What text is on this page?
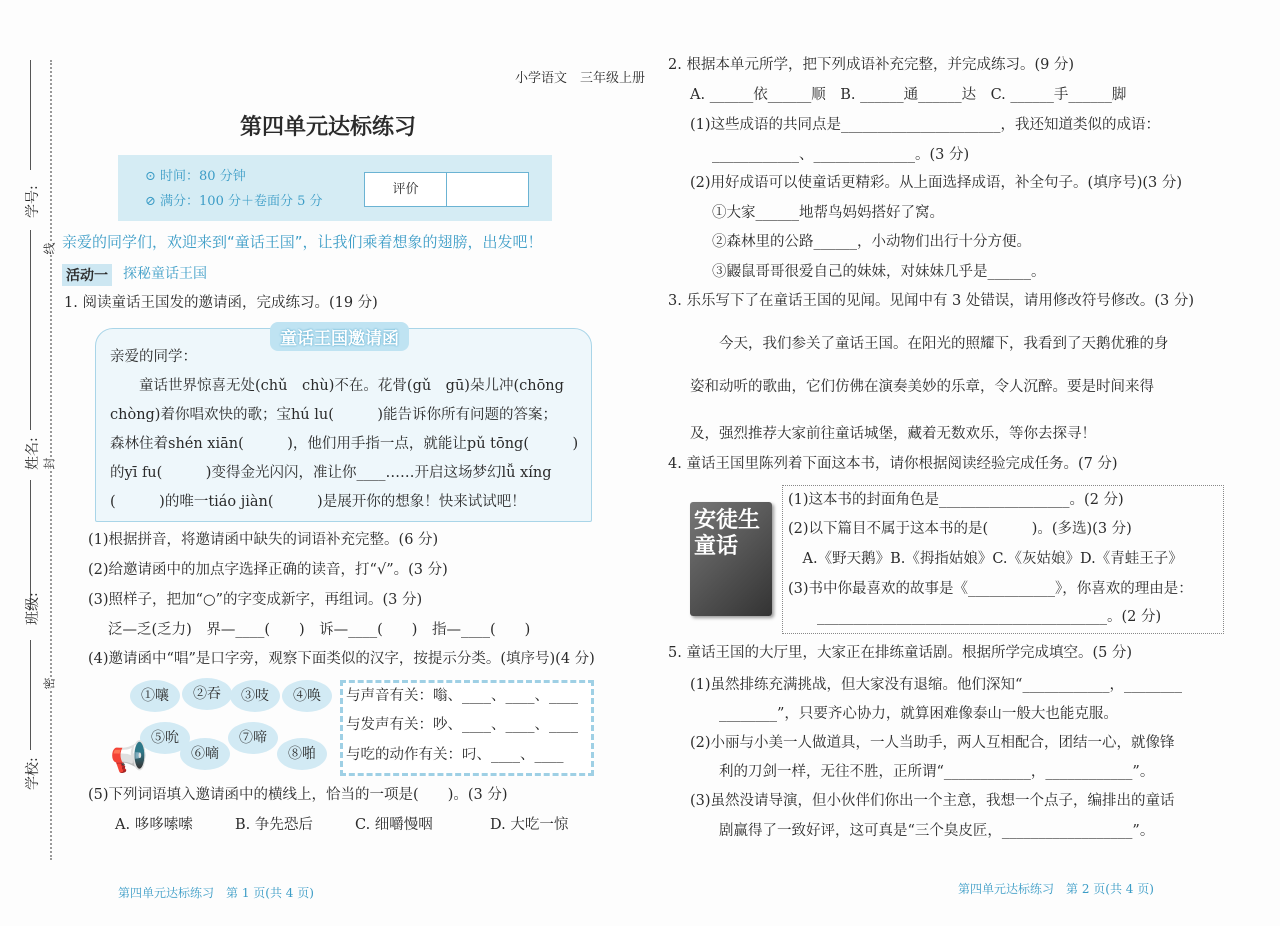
学号:
姓名:
班级:
学校:
线
封
密
小学语文　三年级上册
第四单元达标练习
⊙ 时间：80 分钟
⊘ 满分：100 分＋卷面分 5 分
评价
亲爱的同学们，欢迎来到“童话王国”，让我们乘着想象的翅膀，出发吧！
活动一 探秘童话王国
1. 阅读童话王国发的邀请函，完成练习。(19 分)
童话王国邀请函
亲爱的同学：
　　童话世界惊喜无处(chǔ　chù)不在。花骨(gǔ　gū)朵儿冲(chōng
chòng)着你唱欢快的歌；宝hú lu(　　　)能告诉你所有问题的答案；
森林住着shén xiān(　　　)，他们用手指一点，就能让pǔ tōng(　　　)
的yī fu(　　　)变得金光闪闪，准让你____……开启这场梦幻lǚ xíng
(　　　)的唯一tiáo jiàn(　　　)是展开你的想象！快来试试吧！
(1)根据拼音，将邀请函中缺失的词语补充完整。(6 分)
(2)给邀请函中的加点字选择正确的读音，打“√”。(3 分)
(3)照样子，把加“○”的字变成新字，再组词。(3 分)
泛—乏(乏力)　界—____(　　)　诉—____(　　)　指—____(　　)
(4)邀请函中“唱”是口字旁，观察下面类似的汉字，按提示分类。(填序号)(4 分)
①嚷	②吞	③吱	④唤
⑤吮
⑥嘀
⑦啼
⑧啪
📢
与声音有关：嗡、____、____、____
与发声有关：吵、____、____、____
与吃的动作有关：叼、____、____
(5)下列词语填入邀请函中的横线上，恰当的一项是(　　)。(3 分)
A. 哆哆嗦嗦	B. 争先恐后	C. 细嚼慢咽	D. 大吃一惊
第四单元达标练习　第 1 页(共 4 页)
2. 根据本单元所学，把下列成语补充完整，并完成练习。(9 分)
A. ______依______顺　B. ______通______达　C. ______手______脚
(1)这些成语的共同点是______________________，我还知道类似的成语：
____________、______________。(3 分)
(2)用好成语可以使童话更精彩。从上面选择成语，补全句子。(填序号)(3 分)
①大家______地帮鸟妈妈搭好了窝。
②森林里的公路______，小动物们出行十分方便。
③鼹鼠哥哥很爱自己的妹妹，对妹妹几乎是______。
3. 乐乐写下了在童话王国的见闻。见闻中有 3 处错误，请用修改符号修改。(3 分)
　　今天，我们参关了童话王国。在阳光的照耀下，我看到了天鹅优雅的身
姿和动听的歌曲，它们仿佛在演奏美妙的乐章，令人沉醉。要是时间来得
及，强烈推荐大家前往童话城堡，藏着无数欢乐，等你去探寻！
4. 童话王国里陈列着下面这本书，请你根据阅读经验完成任务。(7 分)
安徒生童话
(1)这本书的封面角色是__________________。(2 分)
(2)以下篇目不属于这本书的是(　　　)。(多选)(3 分)
　A.《野天鹅》B.《拇指姑娘》C.《灰姑娘》D.《青蛙王子》
(3)书中你最喜欢的故事是《____________》，你喜欢的理由是：
　　________________________________________。(2 分)
5. 童话王国的大厅里，大家正在排练童话剧。根据所学完成填空。(5 分)
(1)虽然排练充满挑战，但大家没有退缩。他们深知“____________，________
　　________”，只要齐心协力，就算困难像泰山一般大也能克服。
(2)小丽与小美一人做道具，一人当助手，两人互相配合，团结一心，就像锋
　　利的刀剑一样，无往不胜，正所谓“____________，____________”。
(3)虽然没请导演，但小伙伴们你出一个主意，我想一个点子，编排出的童话
　　剧赢得了一致好评，这可真是“三个臭皮匠，__________________”。
第四单元达标练习　第 2 页(共 4 页)
